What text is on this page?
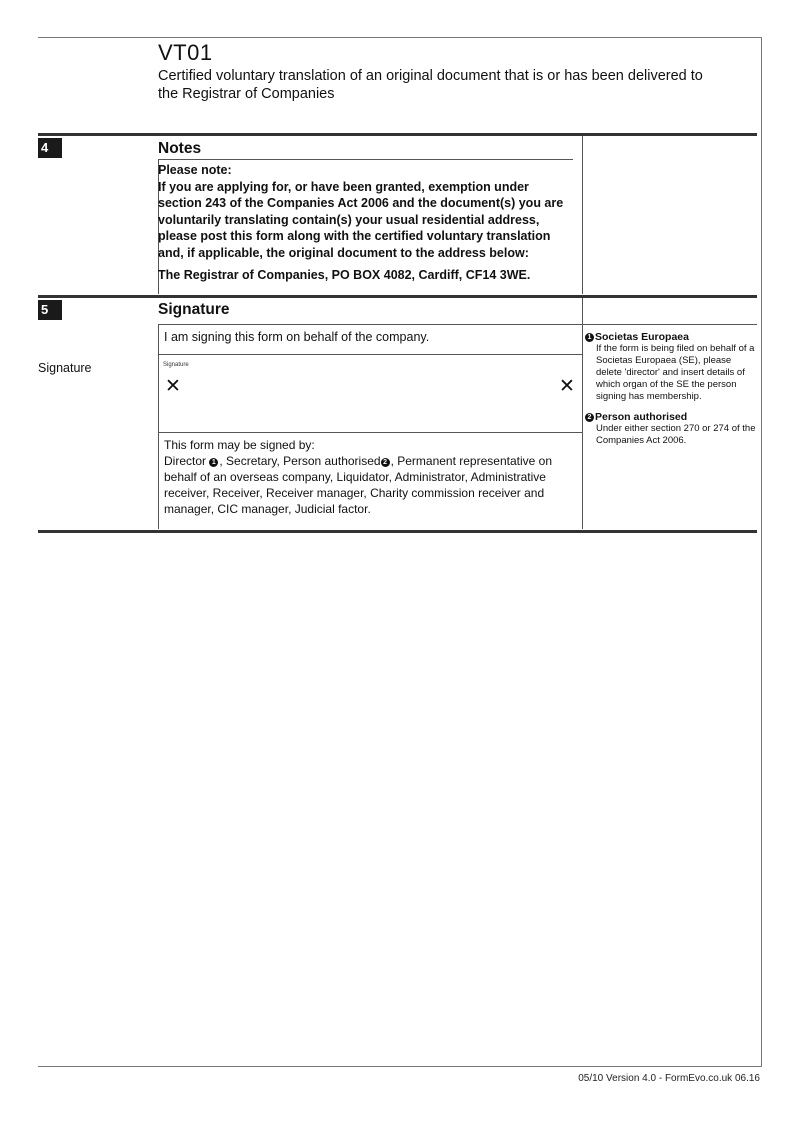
VT01
Certified voluntary translation of an original document that is or has been delivered to the Registrar of Companies
4	Notes

Please note:

If you are applying for, or have been granted, exemption under section 243 of the Companies Act 2006 and the document(s) you are voluntarily translating contain(s) your usual residential address, please post this form along with the certified voluntary translation and, if applicable, the original document to the address below:

The Registrar of Companies, PO BOX 4082, Cardiff, CF14 3WE.

5	Signature
I am signing this form on behalf of the company.
Signature	Signature
✕	✕
This form may be signed by:
Director 1 , Secretary, Person authorised 2 , Permanent representative on behalf of an overseas company, Liquidator, Administrator, Administrative receiver, Receiver, Receiver manager, Charity commission receiver and manager, CIC manager, Judicial factor.
1 Societas Europaea
If the form is being filed on behalf of a Societas Europaea (SE), please delete 'director' and insert details of which organ of the SE the person signing has membership.
2 Person authorised
Under either section 270 or 274 of the Companies Act 2006.
05/10 Version 4.0 - FormEvo.co.uk 06.16
